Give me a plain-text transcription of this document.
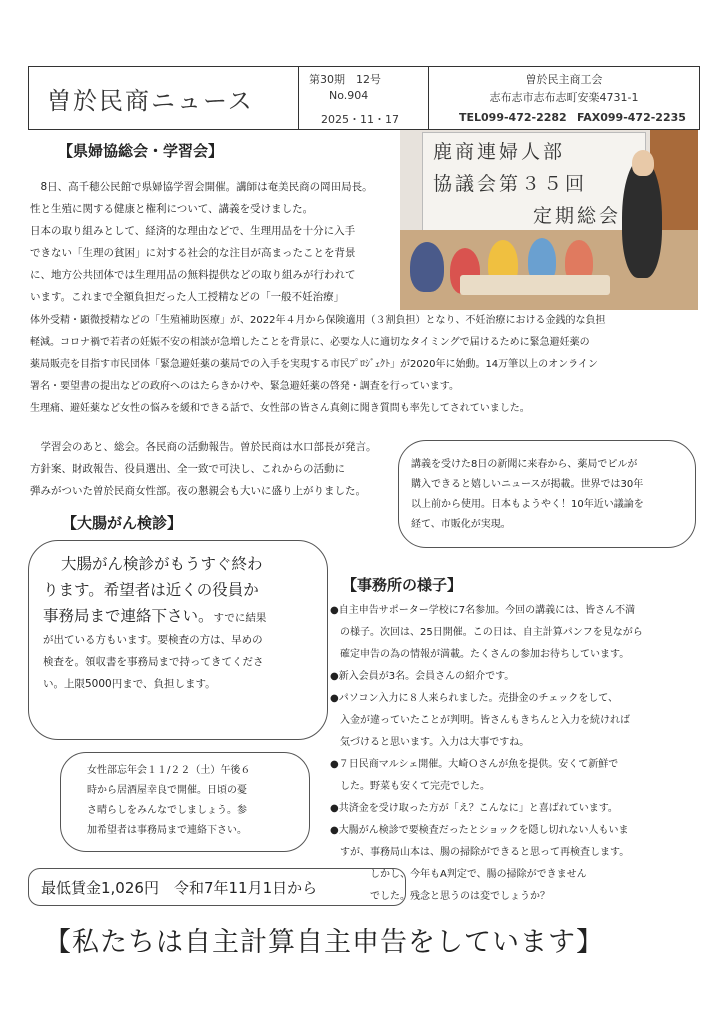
曽於民商ニュース
第30期　12号
No.904
2025・11・17
曽於民主商工会
志布志市志布志町安楽4731-1
TEL099-472-2282 FAX099-472-2235
【県婦協総会・学習会】	鹿商連婦人部
協議会第３５回
定期総会
　8日、高千穂公民館で県婦協学習会開催。講師は奄美民商の岡田局長。
性と生殖に関する健康と権利について、講義を受けました。
日本の取り組みとして、経済的な理由などで、生理用品を十分に入手
できない「生理の貧困」に対する社会的な注目が高まったことを背景
に、地方公共団体では生理用品の無料提供などの取り組みが行われて
います。これまで全額負担だった人工授精などの「一般不妊治療」
体外受精・顕微授精などの「生殖補助医療」が、2022年４月から保険適用（３割負担）となり、不妊治療における金銭的な負担
軽減。コロナ禍で若者の妊娠不安の相談が急増したことを背景に、必要な人に適切なタイミングで届けるために緊急避妊薬の
薬局販売を目指す市民団体「緊急避妊薬の薬局での入手を実現する市民ﾌﾟﾛｼﾞｪｸﾄ」が2020年に始動。14万筆以上のオンライン
署名・要望書の提出などの政府へのはたらきかけや、緊急避妊薬の啓発・調査を行っています。
生理痛、避妊薬など女性の悩みを緩和できる話で、女性部の皆さん真剣に聞き質問も率先してされていました。
　学習会のあと、総会。各民商の活動報告。曽於民商は水口部長が発言。
方針案、財政報告、役員選出、全一致で可決し、これからの活動に
弾みがついた曽於民商女性部。夜の懇親会も大いに盛り上がりました。
講義を受けた8日の新聞に来春から、薬局でピルが
購入できると嬉しいニュースが掲載。世界では30年
以上前から使用。日本もようやく！10年近い議論を
経て、市販化が実現。
【大腸がん検診】
大腸がん検診がもうすぐ終わ
ります。希望者は近くの役員か
事務局まで連絡下さい。すでに結果
が出ている方もいます。要検査の方は、早めの
検査を。領収書を事務局まで持ってきてくださ
い。上限5000円まで、負担します。
女性部忘年会１１/２２（土）午後６
時から居酒屋幸良で開催。日頃の憂
さ晴らしをみんなでしましょう。参
加希望者は事務局まで連絡下さい。
最低賃金1,026円　令和7年11月1日から
【事務所の様子】
●自主申告サポーター学校に7名参加。今回の講義には、皆さん不満
　の様子。次回は、25日開催。この日は、自主計算パンフを見ながら
　確定申告の為の情報が満載。たくさんの参加お待ちしています。
●新入会員が3名。会員さんの紹介です。
●パソコン入力に８人来られました。売掛金のチェックをして、
　入金が違っていたことが判明。皆さんもきちんと入力を続ければ
　気づけると思います。入力は大事ですね。
●７日民商マルシェ開催。大崎Ｏさんが魚を提供。安くて新鮮で
　した。野菜も安くて完売でした。
●共済金を受け取った方が「え？こんなに」と喜ばれています。
●大腸がん検診で要検査だったとショックを隠し切れない人もいま
　すが、事務局山本は、腸の掃除ができると思って再検査します。
　　　　しかし、今年もA判定で、腸の掃除ができません
　　　　でした。残念と思うのは変でしょうか？
【私たちは自主計算自主申告をしています】
